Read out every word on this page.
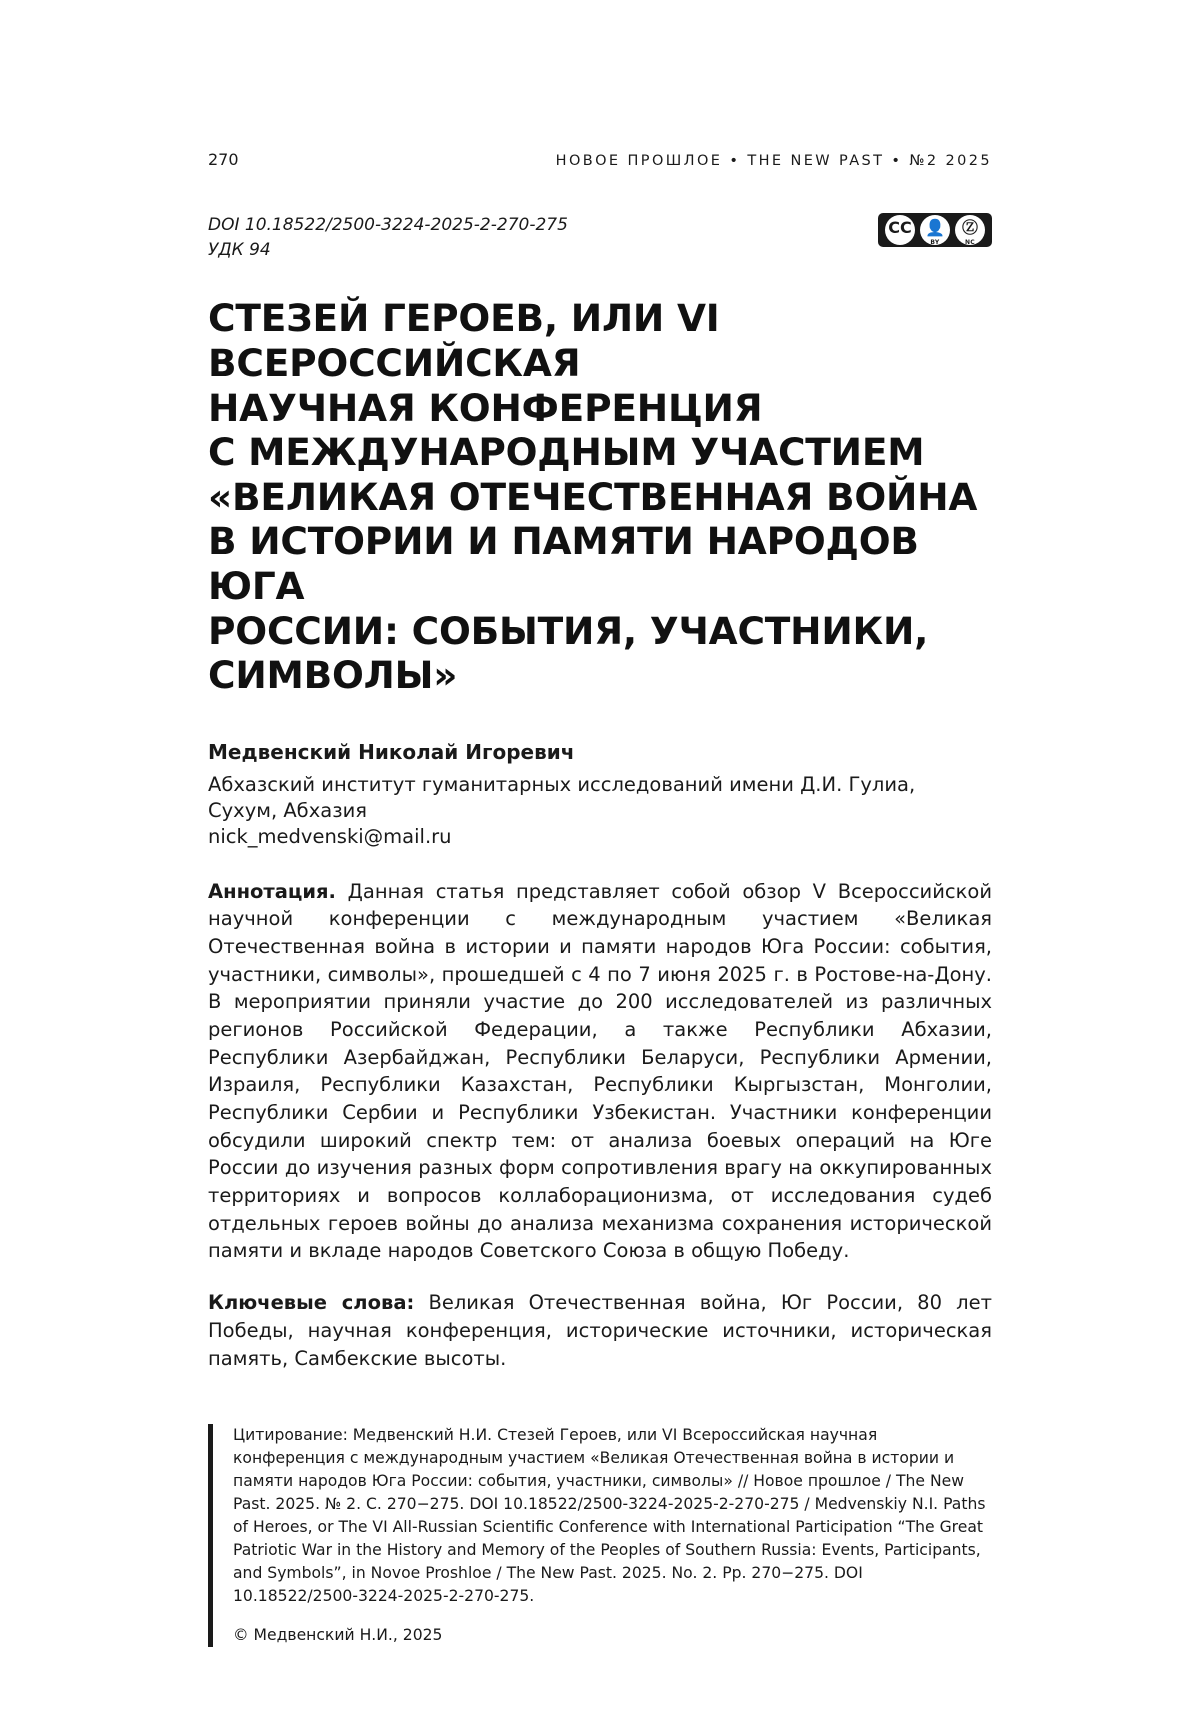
270	НОВОЕ ПРОШЛОЕ • THE NEW PAST • №2 2025
DOI 10.18522/2500-3224-2025-2-270-275
УДК 94
CC 👤
BY
Ⓩ
NC
СТЕЗЕЙ ГЕРОЕВ, ИЛИ VI ВСЕРОССИЙСКАЯ
НАУЧНАЯ КОНФЕРЕНЦИЯ
С МЕЖДУНАРОДНЫМ УЧАСТИЕМ
«ВЕЛИКАЯ ОТЕЧЕСТВЕННАЯ ВОЙНА
В ИСТОРИИ И ПАМЯТИ НАРОДОВ ЮГА
РОССИИ: СОБЫТИЯ, УЧАСТНИКИ,
СИМВОЛЫ»
Медвенский Николай Игоревич
Абхазский институт гуманитарных исследований имени Д.И. Гулиа,
Сухум, Абхазия
nick_medvenski@mail.ru

Аннотация. Данная статья представляет собой обзор V Всероссийской научной конференции с международным участием «Великая Отечественная война в истории и памяти народов Юга России: события, участники, символы», прошедшей с 4 по 7 июня 2025 г. в Ростове-на-Дону. В мероприятии приняли участие до 200 исследователей из различных регионов Российской Федерации, а также Республики Абхазии, Республики Азербайджан, Республики Беларуси, Республики Армении, Израиля, Республики Казахстан, Республики Кыргызстан, Монголии, Республики Сербии и Республики Узбекистан. Участники конференции обсудили широкий спектр тем: от анализа боевых операций на Юге России до изучения разных форм сопротивления врагу на оккупированных территориях и вопросов коллаборационизма, от исследования судеб отдельных героев войны до анализа механизма сохранения исторической памяти и вкладе народов Советского Союза в общую Победу.

Ключевые слова: Великая Отечественная война, Юг России, 80 лет Победы, научная конференция, исторические источники, историческая память, Самбекские высоты.

Цитирование: Медвенский Н.И. Стезей Героев, или VI Всероссийская научная конференция с международным участием «Великая Отечественная война в истории и памяти народов Юга России: события, участники, символы» // Новое прошлое / The New Past. 2025. № 2. С. 270−275. DOI 10.18522/2500-3224-2025-2-270-275 / Medvenskiy N.I. Paths of Heroes, or The VI All-Russian Scientific Conference with International Participation “The Great Patriotic War in the History and Memory of the Peoples of Southern Russia: Events, Participants, and Symbols”, in Novoe Proshloe / The New Past. 2025. No. 2. Pp. 270−275. DOI 10.18522/2500-3224-2025-2-270-275.

© Медвенский Н.И., 2025
